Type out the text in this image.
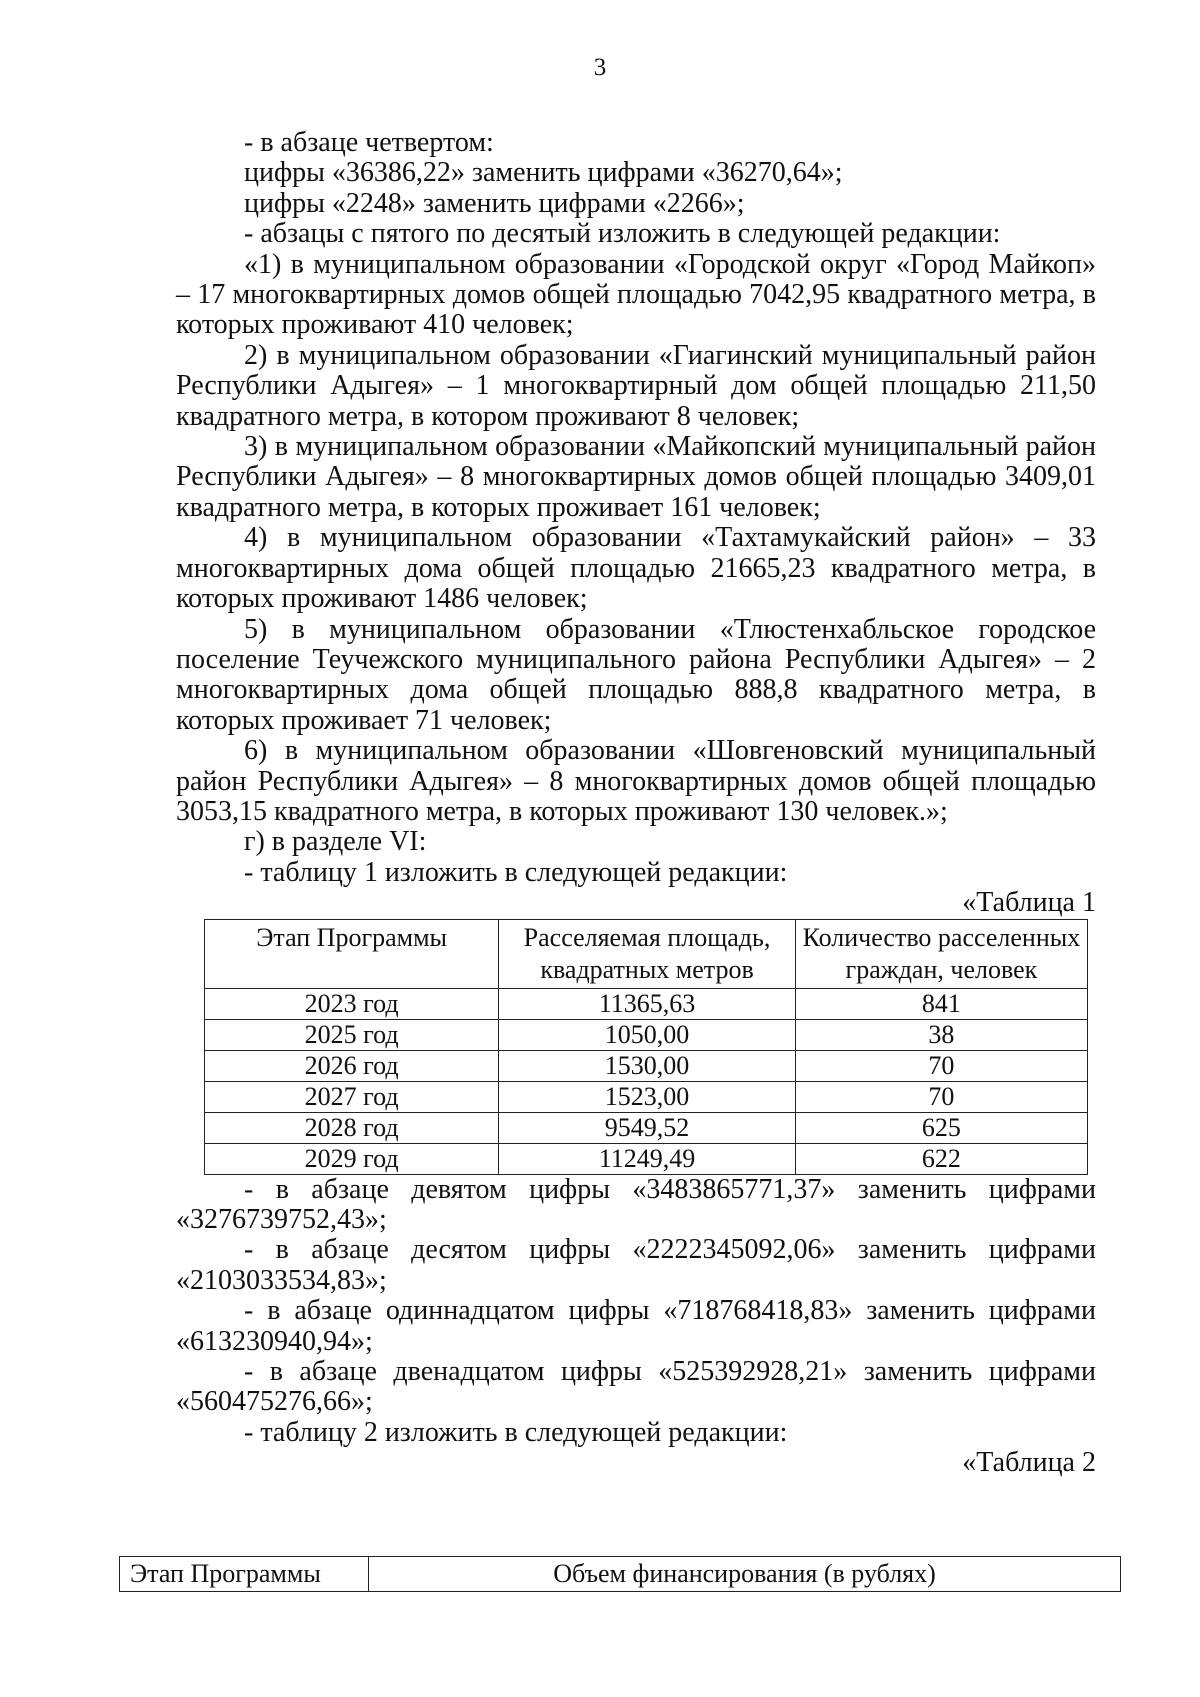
3

- в абзаце четвертом:

цифры «36386,22» заменить цифрами «36270,64»;

цифры «2248» заменить цифрами «2266»;

- абзацы с пятого по десятый изложить в следующей редакции:

«1) в муниципальном образовании «Городской округ «Город Майкоп» – 17 многоквартирных домов общей площадью 7042,95 квадратного метра, в которых проживают 410 человек;

2) в муниципальном образовании «Гиагинский муниципальный район Республики Адыгея» – 1 многоквартирный дом общей площадью 211,50 квадратного метра, в котором проживают 8 человек;

3) в муниципальном образовании «Майкопский муниципальный район Республики Адыгея» – 8 многоквартирных домов общей площадью 3409,01 квадратного метра, в которых проживает 161 человек;

4) в муниципальном образовании «Тахтамукайский район» – 33 многоквартирных дома общей площадью 21665,23 квадратного метра, в которых проживают 1486 человек;

5) в муниципальном образовании «Тлюстенхабльское городское поселение Теучежского муниципального района Республики Адыгея» – 2 многоквартирных дома общей площадью 888,8 квадратного метра, в которых проживает 71 человек;

6) в муниципальном образовании «Шовгеновский муниципальный район Республики Адыгея» – 8 многоквартирных домов общей площадью 3053,15 квадратного метра, в которых проживают 130 человек.»;

г) в разделе VI:

- таблицу 1 изложить в следующей редакции:

«Таблица 1

Этап Программы	Расселяемая площадь, квадратных метров	Количество расселенных граждан, человек
2023 год	11365,63	841
2025 год	1050,00	38
2026 год	1530,00	70
2027 год	1523,00	70
2028 год	9549,52	625
2029 год	11249,49	622

- в абзаце девятом цифры «3483865771,37» заменить цифрами «3276739752,43»;

- в абзаце десятом цифры «2222345092,06» заменить цифрами «2103033534,83»;

- в абзаце одиннадцатом цифры «718768418,83» заменить цифрами «613230940,94»;

- в абзаце двенадцатом цифры «525392928,21» заменить цифрами «560475276,66»;

- таблицу 2 изложить в следующей редакции:

«Таблица 2

Этап Программы	Объем финансирования (в рублях)
